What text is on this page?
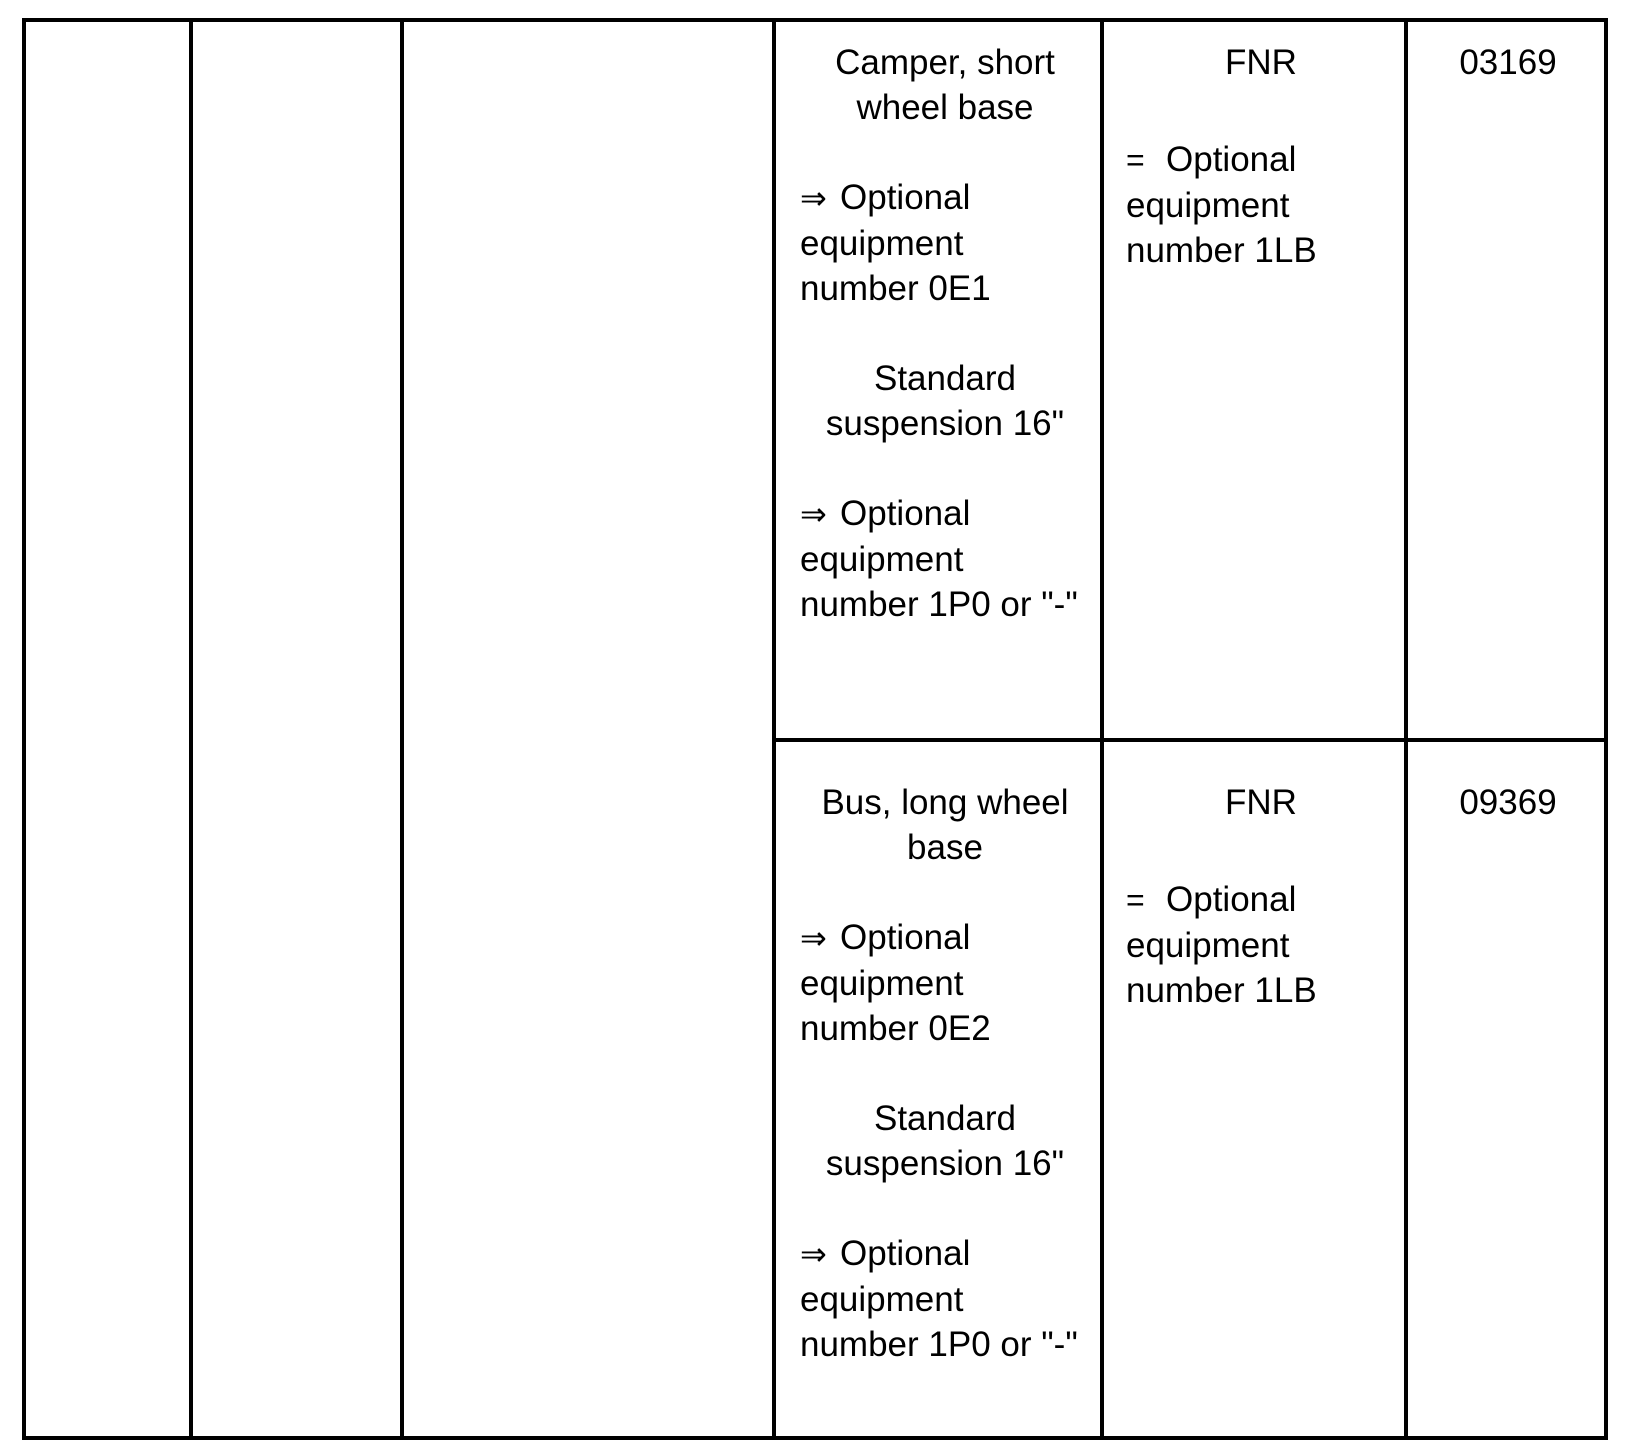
Camper, short wheel base

⇒ Optional equipment number 0E1

Standard suspension 16"

⇒ Optional equipment number 1P0 or "-"

FNR

= Optional equipment number 1LB

03169

Bus, long wheel base

⇒ Optional equipment number 0E2

Standard suspension 16"

⇒ Optional equipment number 1P0 or "-"

FNR

= Optional equipment number 1LB

09369
